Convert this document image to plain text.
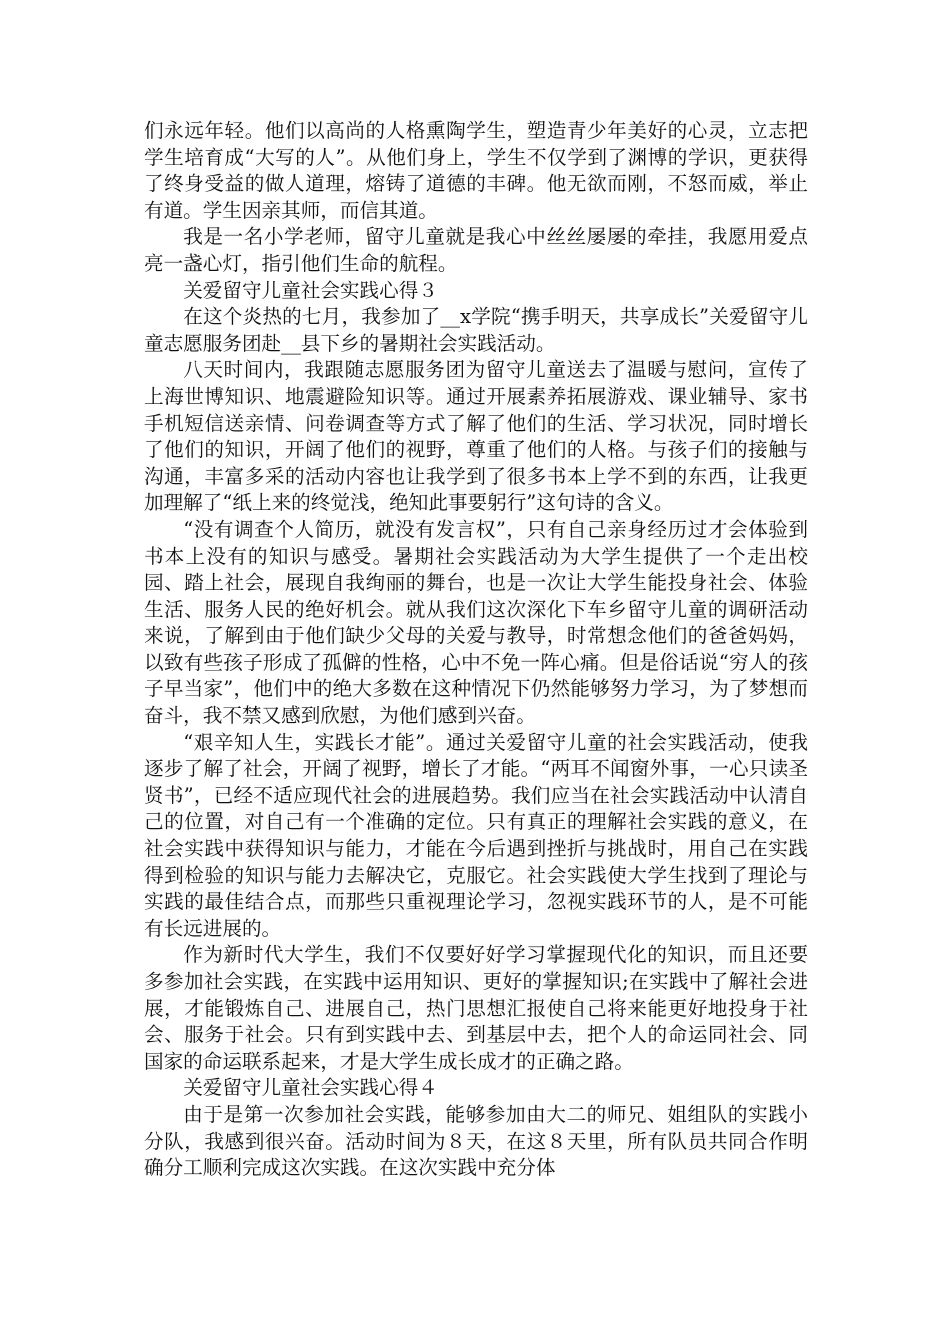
们永远年轻。他们以高尚的人格熏陶学生，塑造青少年美好的心灵，立志把学生培育成“大写的人”。从他们身上，学生不仅学到了渊博的学识，更获得了终身受益的做人道理，熔铸了道德的丰碑。他无欲而刚，不怒而威，举止有道。学生因亲其师，而信其道。

我是一名小学老师，留守儿童就是我心中丝丝屡屡的牵挂，我愿用爱点亮一盏心灯，指引他们生命的航程。

关爱留守儿童社会实践心得３

在这个炎热的七月，我参加了__x学院“携手明天，共享成长”关爱留守儿童志愿服务团赴__县下乡的暑期社会实践活动。

八天时间内，我跟随志愿服务团为留守儿童送去了温暖与慰问，宣传了上海世博知识、地震避险知识等。通过开展素养拓展游戏、课业辅导、家书手机短信送亲情、问卷调查等方式了解了他们的生活、学习状况，同时增长了他们的知识，开阔了他们的视野，尊重了他们的人格。与孩子们的接触与沟通，丰富多采的活动内容也让我学到了很多书本上学不到的东西，让我更加理解了“纸上来的终觉浅，绝知此事要躬行”这句诗的含义。

“没有调查个人简历，就没有发言权”，只有自己亲身经历过才会体验到书本上没有的知识与感受。暑期社会实践活动为大学生提供了一个走出校园、踏上社会，展现自我绚丽的舞台，也是一次让大学生能投身社会、体验生活、服务人民的绝好机会。就从我们这次深化下车乡留守儿童的调研活动来说，了解到由于他们缺少父母的关爱与教导，时常想念他们的爸爸妈妈，以致有些孩子形成了孤僻的性格，心中不免一阵心痛。但是俗话说“穷人的孩子早当家”，他们中的绝大多数在这种情况下仍然能够努力学习，为了梦想而奋斗，我不禁又感到欣慰，为他们感到兴奋。

“艰辛知人生，实践长才能”。通过关爱留守儿童的社会实践活动，使我逐步了解了社会，开阔了视野，增长了才能。“两耳不闻窗外事，一心只读圣贤书”，已经不适应现代社会的进展趋势。我们应当在社会实践活动中认清自己的位置，对自己有一个准确的定位。只有真正的理解社会实践的意义，在社会实践中获得知识与能力，才能在今后遇到挫折与挑战时，用自己在实践得到检验的知识与能力去解决它，克服它。社会实践使大学生找到了理论与实践的最佳结合点，而那些只重视理论学习，忽视实践环节的人，是不可能有长远进展的。

作为新时代大学生，我们不仅要好好学习掌握现代化的知识，而且还要多参加社会实践，在实践中运用知识、更好的掌握知识;在实践中了解社会进展，才能锻炼自己、进展自己，热门思想汇报使自己将来能更好地投身于社会、服务于社会。只有到实践中去、到基层中去，把个人的命运同社会、同国家的命运联系起来，才是大学生成长成才的正确之路。

关爱留守儿童社会实践心得４

由于是第一次参加社会实践，能够参加由大二的师兄、姐组队的实践小分队，我感到很兴奋。活动时间为８天，在这８天里，所有队员共同合作明确分工顺利完成这次实践。在这次实践中充分体
